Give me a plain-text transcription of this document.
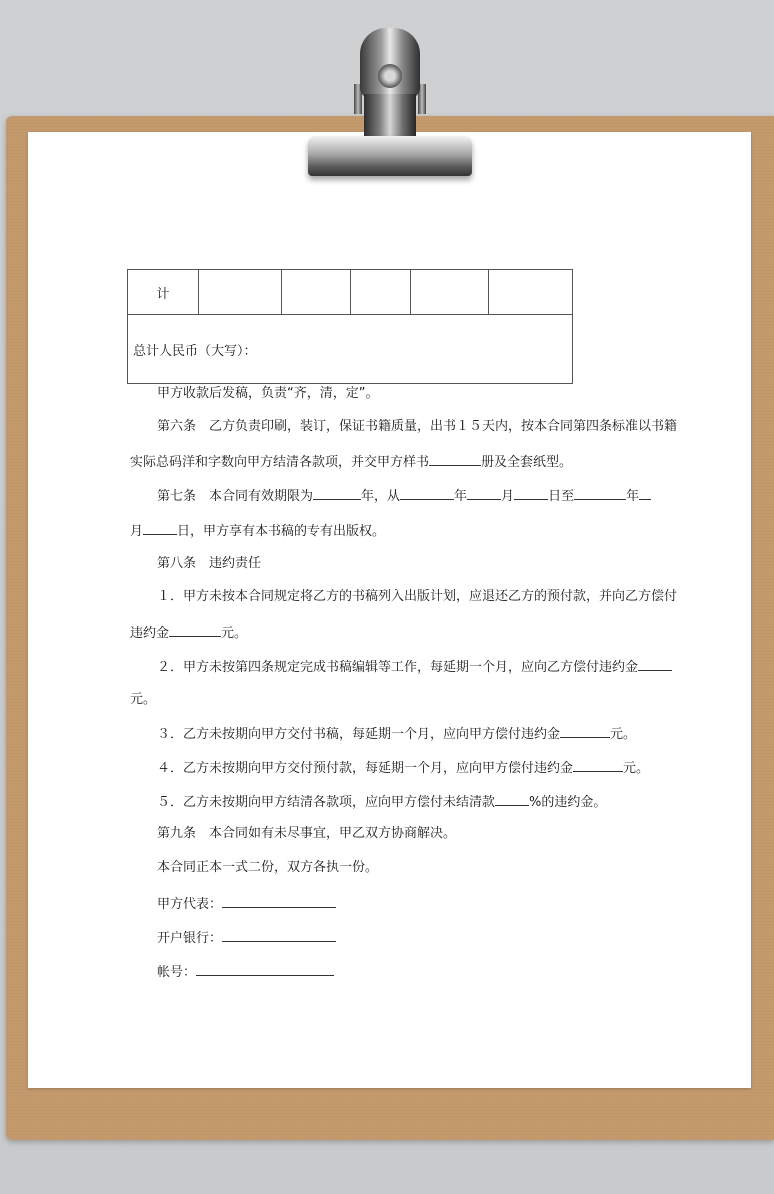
计					
总计人民币（大写）：
甲方收款后发稿，负责“齐，清，定”。
第六条　乙方负责印刷，装订，保证书籍质量，出书１５天内，按本合同第四条标准以书籍
实际总码洋和字数向甲方结清各款项，并交甲方样书	册及全套纸型。
第七条　本合同有效期限为	年，从	年	月	日至	年
月	日，甲方享有本书稿的专有出版权。
第八条　违约责任
１．甲方未按本合同规定将乙方的书稿列入出版计划，应退还乙方的预付款，并向乙方偿付
违约金	元。
２．甲方未按第四条规定完成书稿编辑等工作，每延期一个月，应向乙方偿付违约金
元。
３．乙方未按期向甲方交付书稿，每延期一个月，应向甲方偿付违约金	元。
４．乙方未按期向甲方交付预付款，每延期一个月，应向甲方偿付违约金	元。
５．乙方未按期向甲方结清各款项，应向甲方偿付未结清款	%的违约金。
第九条　本合同如有未尽事宜，甲乙双方协商解决。
本合同正本一式二份，双方各执一份。
甲方代表：
开户银行：
帐号：
